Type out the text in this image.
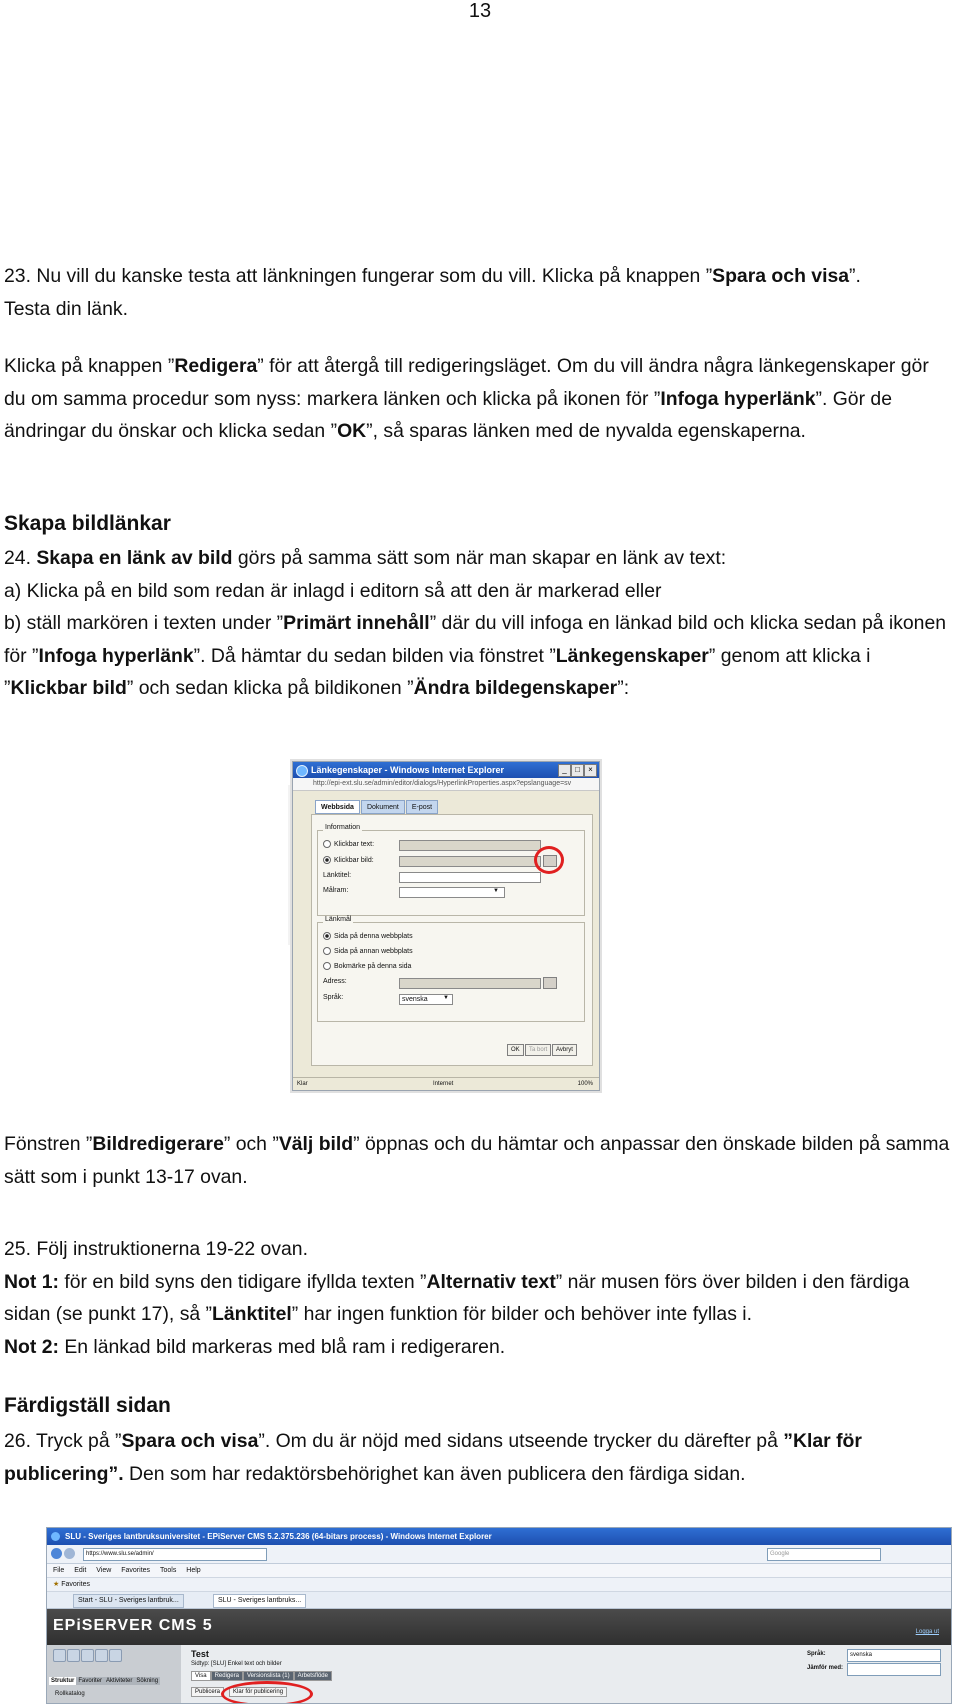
13

23. Nu vill du kanske testa att länkningen fungerar som du vill. Klicka på knappen ”Spara och visa”.
Testa din länk.

Klicka på knappen ”Redigera” för att återgå till redigeringsläget. Om du vill ändra några länkegenskaper gör du om samma procedur som nyss: markera länken och klicka på ikonen för ”Infoga hyperlänk”. Gör de ändringar du önskar och klicka sedan ”OK”, så sparas länken med de nyvalda egenskaperna.

Skapa bildlänkar

24. Skapa en länk av bild görs på samma sätt som när man skapar en länk av text:
a) Klicka på en bild som redan är inlagd i editorn så att den är markerad eller
b) ställ markören i texten under ”Primärt innehåll” där du vill infoga en länkad bild och klicka sedan på ikonen för ”Infoga hyperlänk”. Då hämtar du sedan bilden via fönstret ”Länkegenskaper” genom att klicka i ”Klickbar bild” och sedan klicka på bildikonen ”Ändra bildegenskaper”:

Länkegenskaper - Windows Internet Explorer	_	□	×
http://epi-ext.slu.se/admin/editor/dialogs/HyperlinkProperties.aspx?epslanguage=sv
Webbsida	Dokument	E-post
Information
Klickbar text:
Klickbar bild:
Länktitel:
Målram:	▼
Länkmål
Sida på denna webbplats
Sida på annan webbplats
Bokmärke på denna sida
Adress:
Språk:	svenska	▼
OK	Ta bort	Avbryt
Klar	Internet	100%

Fönstren ”Bildredigerare” och ”Välj bild” öppnas och du hämtar och anpassar den önskade bilden på samma sätt som i punkt 13-17 ovan.

25. Följ instruktionerna 19-22 ovan.
Not 1: för en bild syns den tidigare ifyllda texten ”Alternativ text” när musen förs över bilden i den färdiga sidan (se punkt 17), så ”Länktitel” har ingen funktion för bilder och behöver inte fyllas i.
Not 2: En länkad bild markeras med blå ram i redigeraren.

Färdigställ sidan

26. Tryck på ”Spara och visa”. Om du är nöjd med sidans utseende trycker du därefter på ”Klar för publicering”. Den som har redaktörsbehörighet kan även publicera den färdiga sidan.

SLU - Sveriges lantbruksuniversitet - EPiServer CMS 5.2.375.236 (64-bitars process) - Windows Internet Explorer
https://www.slu.se/admin/	Google
File Edit View Favorites Tools Help
★ Favorites
Start - SLU - Sveriges lantbruk...	SLU - Sveriges lantbruks...
EPiSERVER CMS 5	Logga ut
Struktur Favoriter Aktiviteter Sökning
Rollkatalog
Test
Sidtyp: [SLU] Enkel text och bilder
Visa	Redigera	Versionslista (1)	Arbetsflöde
Publicera	Klar för publicering
Språk:	svenska
Jämför med:
